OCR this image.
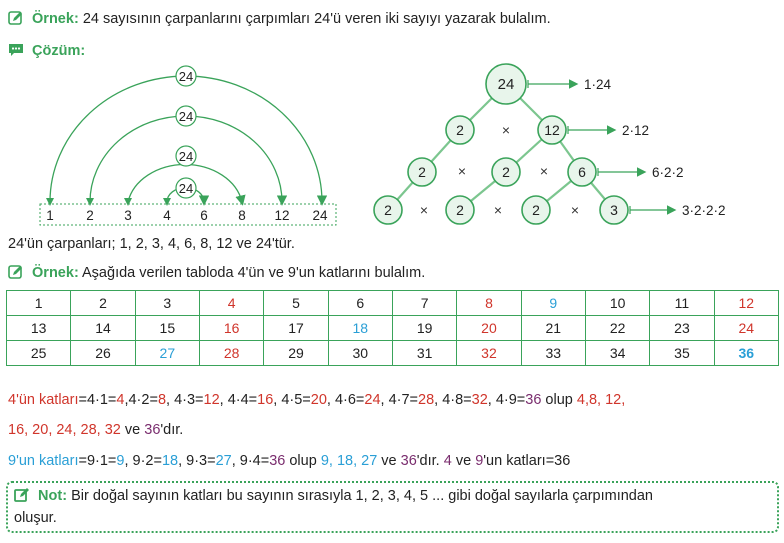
Örnek: 24 sayısının çarpanlarını çarpımları 24'ü veren iki sayıyı yazarak bulalım.
Çözüm:
24
24
24
24
1 2 3 4 6 8 12 24
24
2	12
2	2	6
2	2	2	3
×
×	×
×	×	×
1·24
2·12
6·2·2
3·2·2·2
24'ün çarpanları; 1, 2, 3, 4, 6, 8, 12 ve 24'tür.
Örnek: Aşağıda verilen tabloda 4'ün ve 9'un katlarını bulalım.
1	2	3	4	5	6	7	8	9	10	11	12
13	14	15	16	17	18	19	20	21	22	23	24
25	26	27	28	29	30	31	32	33	34	35	36
4'ün katları=4·1=4,4·2=8, 4·3=12, 4·4=16, 4·5=20, 4·6=24, 4·7=28, 4·8=32, 4·9=36 olup 4,8, 12,
16, 20, 24, 28, 32 ve 36'dır.
9'un katları=9·1=9, 9·2=18, 9·3=27, 9·4=36 olup 9, 18, 27 ve 36'dır. 4 ve 9'un katları=36
Not: Bir doğal sayının katları bu sayının sırasıyla 1, 2, 3, 4, 5 ... gibi doğal sayılarla çarpımından
oluşur.
